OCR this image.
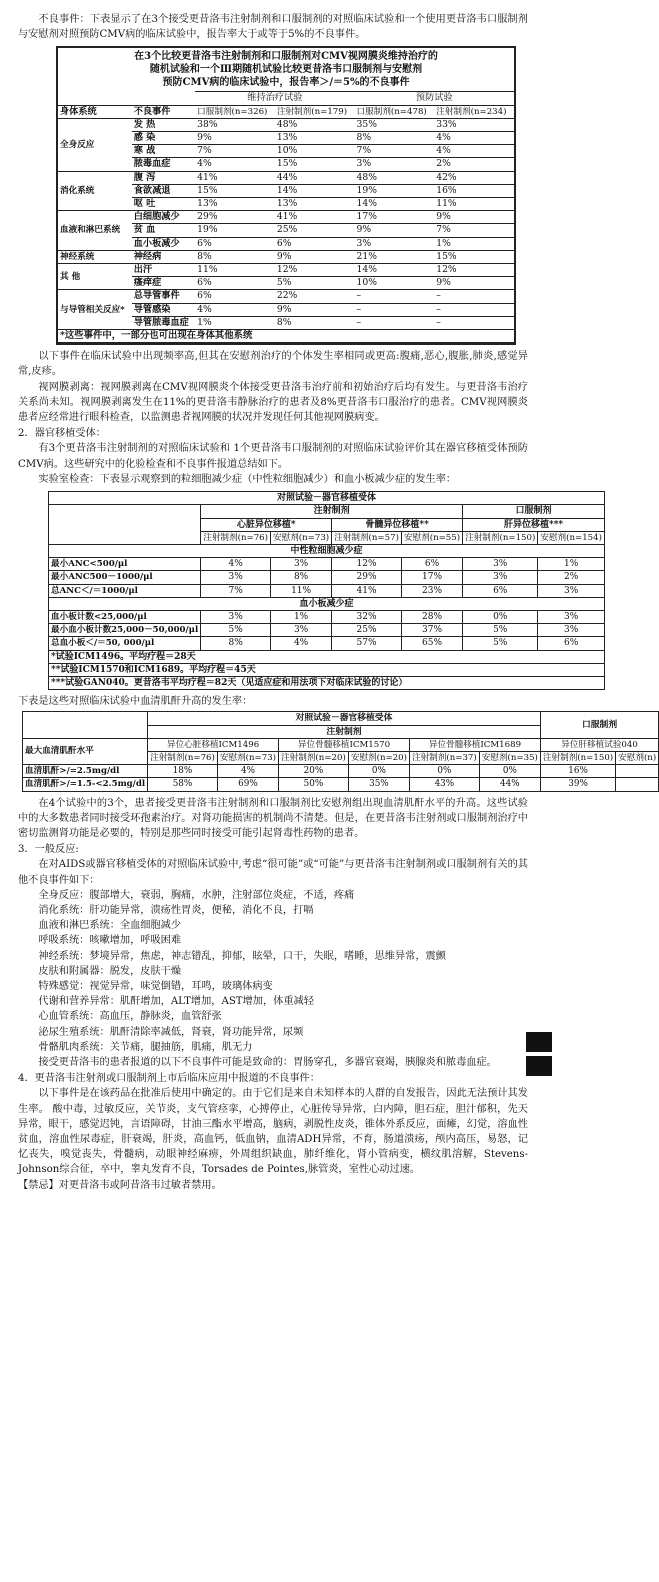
不良事件：下表显示了在3个接受更昔洛韦注射制剂和口服制剂的对照临床试验和一个使用更昔洛韦口服制剂与安慰剂对照预防CMV病的临床试验中，报告率大于或等于5%的不良事件。

在3个比较更昔洛韦注射制剂和口服制剂对CMV视网膜炎维持治疗的
随机试验和一个Ⅲ期随机试验比较更昔洛韦口服制剂与安慰剂
预防CMV病的临床试验中，报告率＞/＝5%的不良事件
		维持治疗试验		预防试验	
身体系统	不良事件	口服制剂(n=326)	注射制剂(n=179)	口服制剂(n=478)	注射制剂(n=234)
全身反应	发 热	38%	48%	35%	33%
	感 染	9%	13%	8%	4%
	寒 战	7%	10%	7%	4%
	脓毒血症	4%	15%	3%	2%
消化系统	腹 泻	41%	44%	48%	42%
	食欲减退	15%	14%	19%	16%
	呕 吐	13%	13%	14%	11%
血液和淋巴系统	白细胞减少	29%	41%	17%	9%
	贫 血	19%	25%	9%	7%
	血小板减少	6%	6%	3%	1%
神经系统	神经病	8%	9%	21%	15%
其 他	出汗	11%	12%	14%	12%
	瘙痒症	6%	5%	10%	9%
与导管相关反应*	总导管事件	6%	22%	–	–
	导管感染	4%	9%	–	–
	导管脓毒血症	1%	8%	–	–
*这些事件中，一部分也可出现在身体其他系统					

以下事件在临床试验中出现频率高,但其在安慰剂治疗的个体发生率相同或更高:腹痛,恶心,腹胀,肺炎,感觉异常,皮疹。

视网膜剥离：视网膜剥离在CMV视网膜炎个体接受更昔洛韦治疗前和初始治疗后均有发生。与更昔洛韦治疗关系尚未知。视网膜剥离发生在11%的更昔洛韦静脉治疗的患者及8%更昔洛韦口服治疗的患者。CMV视网膜炎患者应经常进行眼科检查，以监测患者视网膜的状况并发现任何其他视网膜病变。

2．器官移植受体：

有3个更昔洛韦注射制剂的对照临床试验和 1个更昔洛韦口服制剂的对照临床试验评价其在器官移植受体预防CMV病。这些研究中的化验检查和不良事件报道总结如下。

实验室检查：下表显示观察到的粒细胞减少症（中性粒细胞减少）和血小板减少症的发生率：

对照试验－器官移植受体						
	注射制剂				口服制剂	
	心脏异位移植*		骨髓异位移植**		肝异位移植***	
	注射制剂(n=76)	安慰剂(n=73)	注射制剂(n=57)	安慰剂(n=55)	注射制剂(n=150)	安慰剂(n=154)
中性粒细胞减少症						
最小ANC<500/μl	4%	3%	12%	6%	3%	1%
最小ANC500－1000/μl	3%	8%	29%	17%	3%	2%
总ANC＜/＝1000/μl	7%	11%	41%	23%	6%	3%
血小板减少症						
血小板计数<25,000/μl	3%	1%	32%	28%	0%	3%
最小血小板计数25,000－50,000/μl	5%	3%	25%	37%	5%	3%
总血小板＜/＝50, 000/μl	8%	4%	57%	65%	5%	6%
*试验ICM1496。平均疗程＝28天						
**试验ICM1570和ICM1689。平均疗程＝45天						
***试验GAN040。更昔洛韦平均疗程＝82天（见适应症和用法项下对临床试验的讨论）						

下表是这些对照临床试验中血清肌酐升高的发生率：

	对照试验－器官移植受体						口服制剂	
	注射制剂							
最大血清肌酐水平	异位心脏移植ICM1496		异位骨髓移植ICM1570		异位骨髓移植ICM1689		异位肝移植试验040	
	注射制剂(n=76)	安慰剂(n=73)	注射制剂(n=20)	安慰剂(n=20)	注射制剂(n=37)	安慰剂(n=35)	注射制剂(n=150)	安慰剂(n)
血清肌酐>/=2.5mg/dl	18%	4%	20%	0%	0%	0%	16%	
血清肌酐>/=1.5-<2.5mg/dl	58%	69%	50%	35%	43%	44%	39%	

在4个试验中的3个，患者接受更昔洛韦注射制剂和口服制剂比安慰剂组出现血清肌酐水平的升高。这些试验中的大多数患者同时接受环孢素治疗。对肾功能损害的机制尚不清楚。但是，在更昔洛韦注射剂或口服制剂治疗中密切监测肾功能是必要的，特别是那些同时接受可能引起肾毒性药物的患者。

3．一般反应:

在对AIDS或器官移植受体的对照临床试验中,考虑“很可能”或“可能”与更昔洛韦注射制剂或口服制剂有关的其他不良事件如下：

全身反应：腹部增大，衰弱，胸痛，水肿，注射部位炎症，不适，疼痛

消化系统：肝功能异常，溃疡性胃炎，便秘，消化不良，打嗝

血液和淋巴系统：全血细胞减少

呼吸系统：咳嗽增加，呼吸困难

神经系统：梦境异常，焦虑，神志错乱，抑郁，眩晕，口干，失眠，嗜睡，思维异常，震颤

皮肤和附属器：脱发，皮肤干燥

特殊感觉：视觉异常，味觉倒错，耳鸣，玻璃体病变

代谢和营养异常：肌酐增加，ALT增加，AST增加，体重减轻

心血管系统：高血压，静脉炎，血管舒张

泌尿生殖系统：肌酐清除率减低，肾衰，肾功能异常，尿频

骨骼肌肉系统：关节痛，腿抽筋，肌痛，肌无力

接受更昔洛韦的患者报道的以下不良事件可能是致命的：胃肠穿孔，多器官衰竭，胰腺炎和脓毒血症。

4．更昔洛韦注射剂或口服制剂上市后临床应用中报道的不良事件：

以下事件是在该药品在批准后使用中确定的。由于它们是来自未知样本的人群的自发报告，因此无法预计其发生率。 酸中毒，过敏反应，关节炎，支气管痉挛，心搏停止，心脏传导异常，白内障，胆石症，胆汁郁积，先天异常，眼干，感觉迟钝，言语障碍，甘油三酯水平增高，脑病，剥脱性皮炎，锥体外系反应，面瘫，幻觉，溶血性贫血，溶血性尿毒症，肝衰竭，肝炎，高血钙，低血钠，血清ADH异常，不育，肠道溃疡，颅内高压，易怒，记忆丧失，嗅觉丧失，骨髓病，动眼神经麻痹，外周组织缺血，肺纤维化，肾小管病变，横纹肌溶解，Stevens-Johnson综合征，卒中，睾丸发育不良，Torsades de Pointes,脉管炎，室性心动过速。

【禁忌】对更昔洛韦或阿昔洛韦过敏者禁用。
